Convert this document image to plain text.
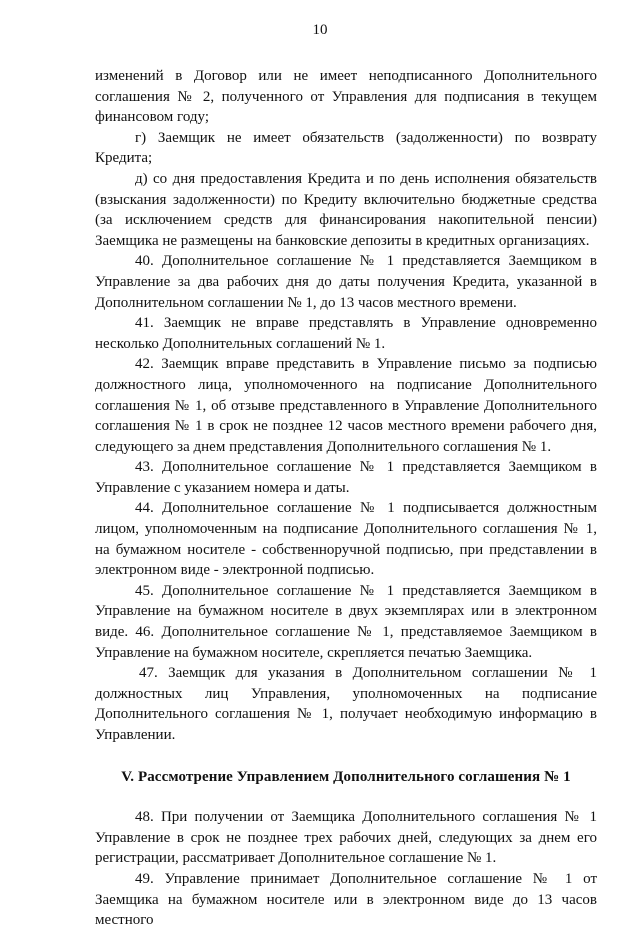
10

изменений в Договор или не имеет неподписанного Дополнительного соглашения № 2, полученного от Управления для подписания в текущем финансовом году;

г) Заемщик не имеет обязательств (задолженности) по возврату Кредита;

д) со дня предоставления Кредита и по день исполнения обязательств (взыскания задолженности) по Кредиту включительно бюджетные средства (за исключением средств для финансирования накопительной пенсии) Заемщика не размещены на банковские депозиты в кредитных организациях.

40. Дополнительное соглашение № 1 представляется Заемщиком в Управление за два рабочих дня до даты получения Кредита, указанной в Дополнительном соглашении № 1, до 13 часов местного времени.

41. Заемщик не вправе представлять в Управление одновременно несколько Дополнительных соглашений № 1.

42. Заемщик вправе представить в Управление письмо за подписью должностного лица, уполномоченного на подписание Дополнительного соглашения № 1, об отзыве представленного в Управление Дополнительного соглашения № 1 в срок не позднее 12 часов местного времени рабочего дня, следующего за днем представления Дополнительного соглашения № 1.

43. Дополнительное соглашение № 1 представляется Заемщиком в Управление с указанием номера и даты.

44. Дополнительное соглашение № 1 подписывается должностным лицом, уполномоченным на подписание Дополнительного соглашения № 1, на бумажном носителе - собственноручной подписью, при представлении в электронном виде - электронной подписью.

45. Дополнительное соглашение № 1 представляется Заемщиком в Управление на бумажном носителе в двух экземплярах или в электронном виде. 46. Дополнительное соглашение № 1, представляемое Заемщиком в Управление на бумажном носителе, скрепляется печатью Заемщика.

47. Заемщик для указания в Дополнительном соглашении № 1 должностных лиц Управления, уполномоченных на подписание Дополнительного соглашения № 1, получает необходимую информацию в Управлении.

V. Рассмотрение Управлением Дополнительного соглашения № 1

48. При получении от Заемщика Дополнительного соглашения № 1 Управление в срок не позднее трех рабочих дней, следующих за днем его регистрации, рассматривает Дополнительное соглашение № 1.

49. Управление принимает Дополнительное соглашение № 1 от Заемщика на бумажном носителе или в электронном виде до 13 часов местного
